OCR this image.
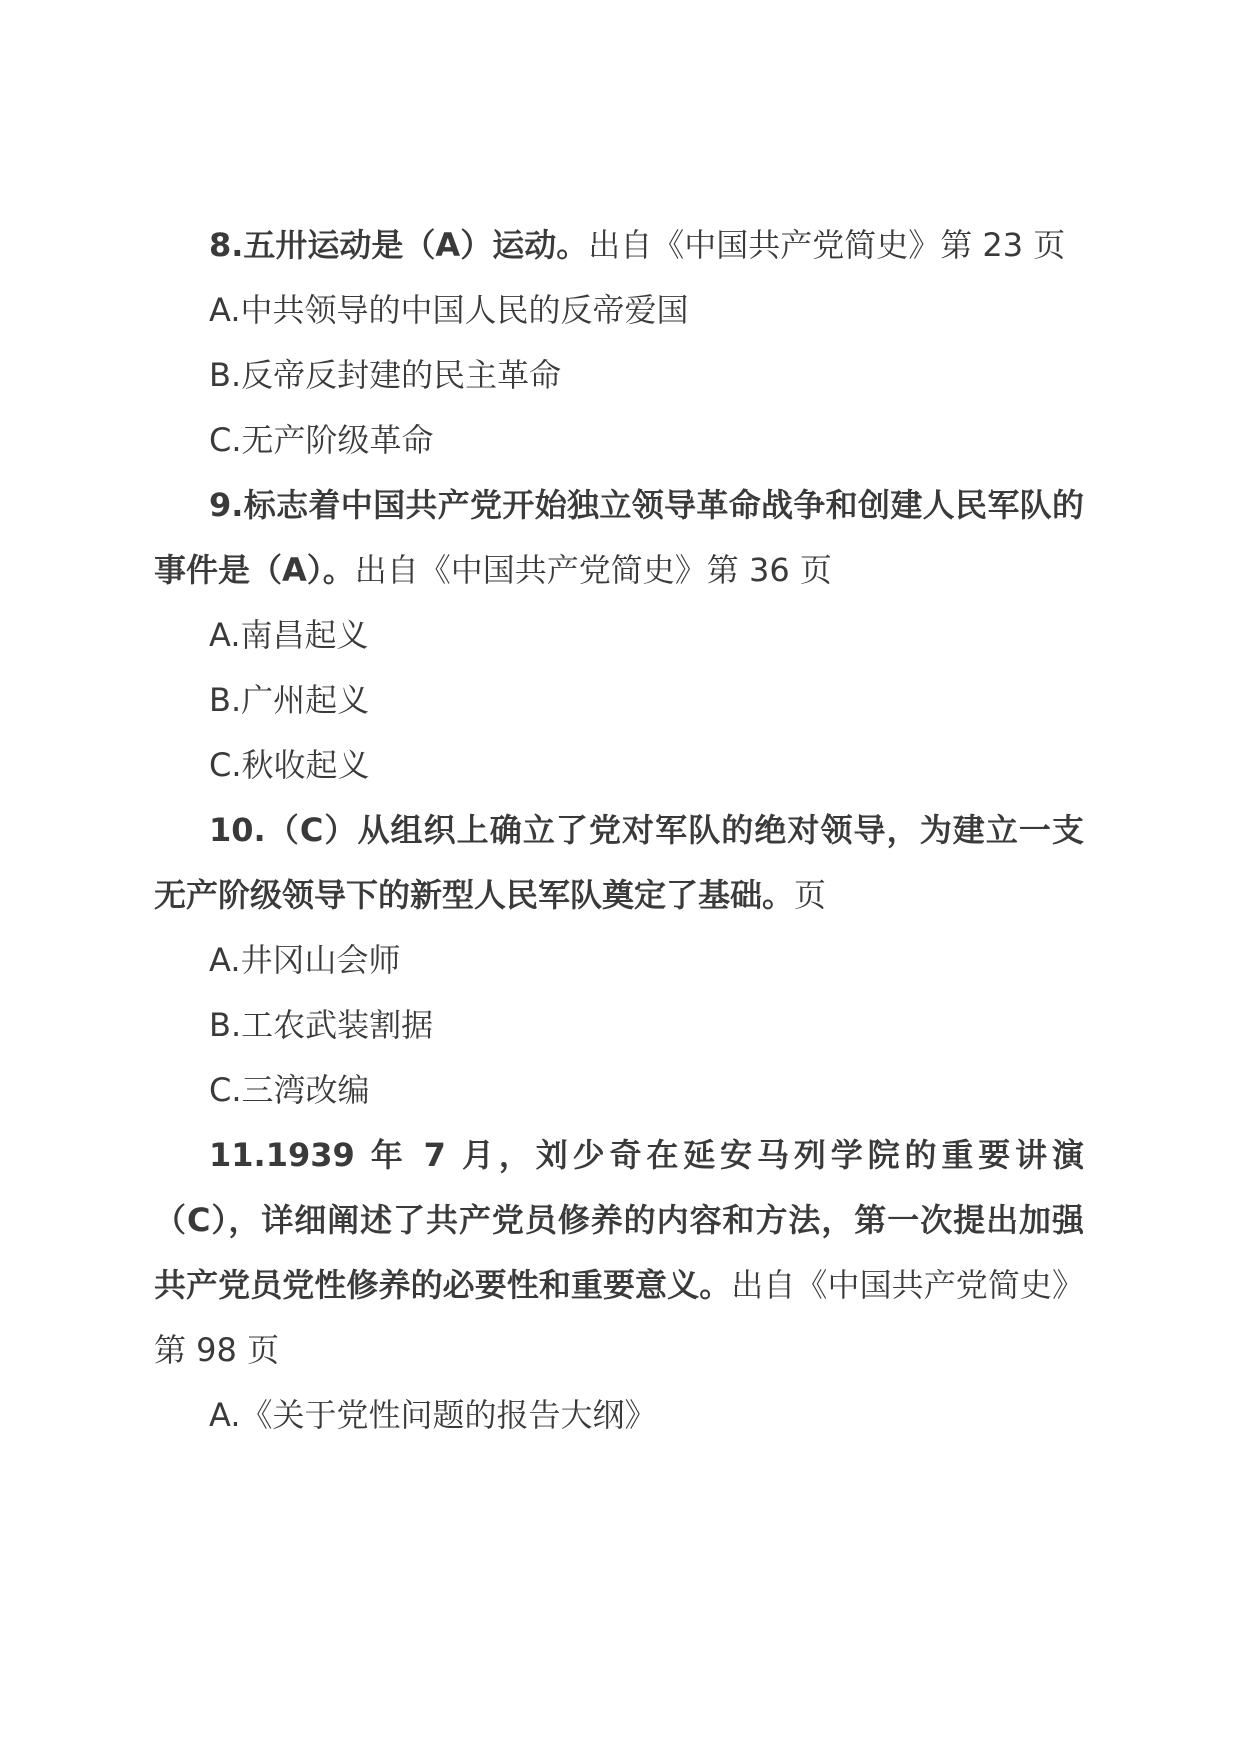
8.五卅运动是（A）运动。出自《中国共产党简史》第 23 页

A.中共领导的中国人民的反帝爱国

B.反帝反封建的民主革命

C.无产阶级革命

9.标志着中国共产党开始独立领导革命战争和创建人民军队的事件是（A）。出自《中国共产党简史》第 36 页

A.南昌起义

B.广州起义

C.秋收起义

10.（C）从组织上确立了党对军队的绝对领导，为建立一支无产阶级领导下的新型人民军队奠定了基础。页

A.井冈山会师

B.工农武装割据

C.三湾改编

11.1939 年 7 月，刘少奇在延安马列学院的重要讲演（C），详细阐述了共产党员修养的内容和方法，第一次提出加强共产党员党性修养的必要性和重要意义。出自《中国共产党简史》第 98 页

A.《关于党性问题的报告大纲》
